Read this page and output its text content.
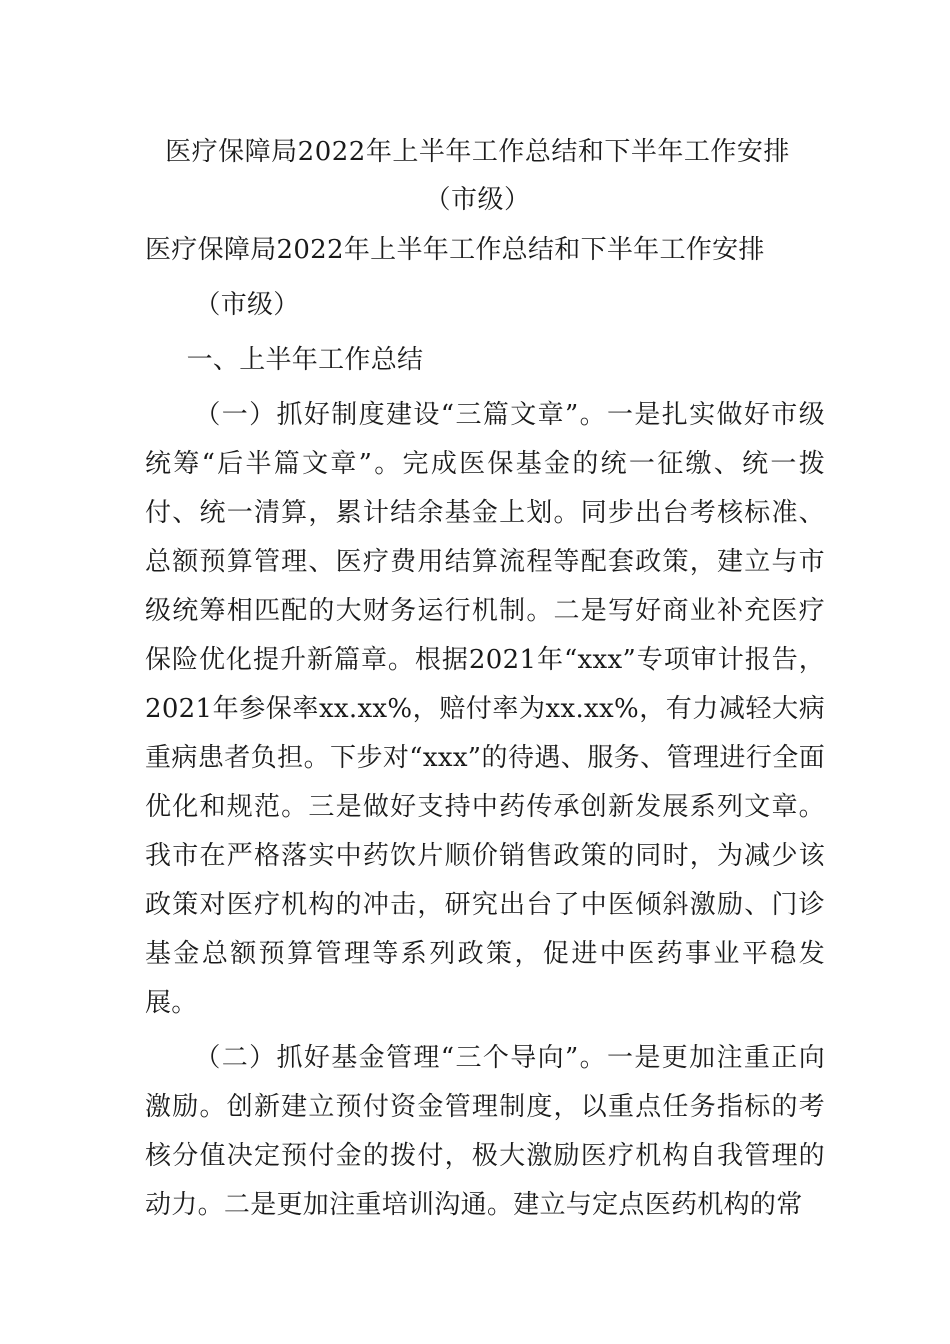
医疗保障局2022年上半年工作总结和下半年工作安排（市级）

医疗保障局2022年上半年工作总结和下半年工作安排

（市级）

一、上半年工作总结

（一）抓好制度建设“三篇文章”。一是扎实做好市级统筹“后半篇文章”。完成医保基金的统一征缴、统一拨付、统一清算，累计结余基金上划。同步出台考核标准、总额预算管理、医疗费用结算流程等配套政策，建立与市级统筹相匹配的大财务运行机制。二是写好商业补充医疗保险优化提升新篇章。根据2021年“xxx”专项审计报告，2021年参保率xx.xx%，赔付率为xx.xx%，有力减轻大病重病患者负担。下步对“xxx”的待遇、服务、管理进行全面优化和规范。三是做好支持中药传承创新发展系列文章。我市在严格落实中药饮片顺价销售政策的同时，为减少该政策对医疗机构的冲击，研究出台了中医倾斜激励、门诊基金总额预算管理等系列政策，促进中医药事业平稳发展。

（二）抓好基金管理“三个导向”。一是更加注重正向激励。创新建立预付资金管理制度，以重点任务指标的考核分值决定预付金的拨付，极大激励医疗机构自我管理的动力。二是更加注重培训沟通。建立与定点医药机构的常
